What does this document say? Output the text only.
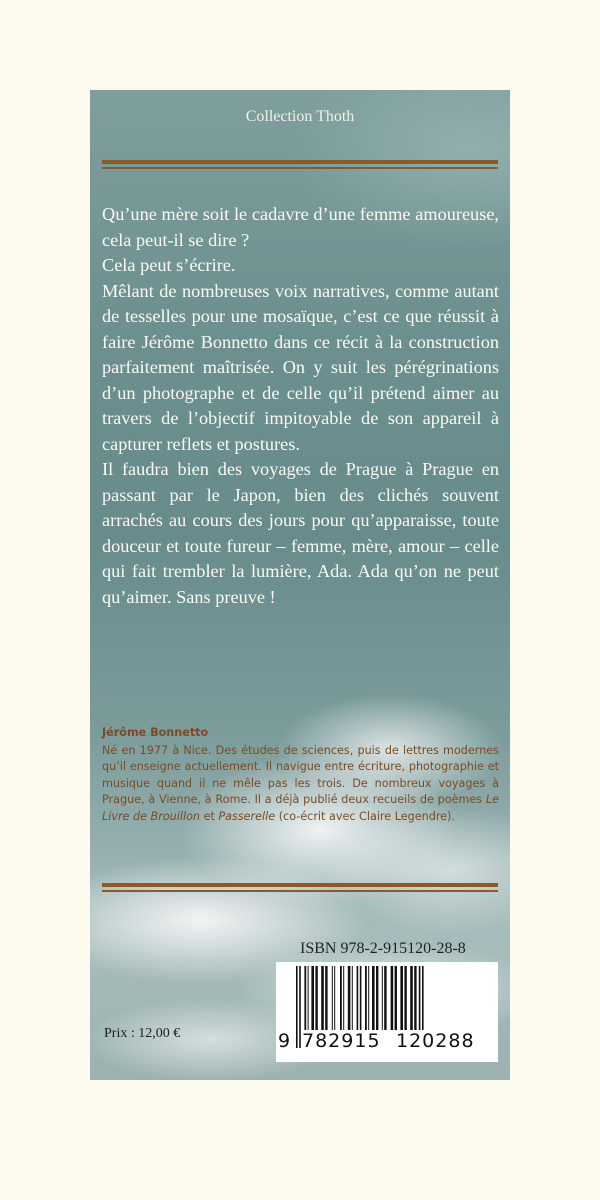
Collection Thoth

Qu’une mère soit le cadavre d’une femme amoureuse, cela peut-il se dire ?

Cela peut s’écrire.

Mêlant de nombreuses voix narratives, comme autant de tesselles pour une mosaïque, c’est ce que réussit à faire Jérôme Bonnetto dans ce récit à la construction parfaitement maîtrisée. On y suit les pérégrinations d’un photographe et de celle qu’il prétend aimer au travers de l’objectif impitoyable de son appareil à capturer reflets et postures.

Il faudra bien des voyages de Prague à Prague en passant par le Japon, bien des clichés souvent arrachés au cours des jours pour qu’apparaisse, toute douceur et toute fureur – femme, mère, amour – celle qui fait trembler la lumière, Ada. Ada qu’on ne peut qu’aimer. Sans preuve !

Jérôme Bonnetto
Né en 1977 à Nice. Des études de sciences, puis de lettres modernes qu’il enseigne actuellement. Il navigue entre écriture, photographie et musique quand il ne mêle pas les trois. De nombreux voyages à Prague, à Vienne, à Rome. Il a déjà publié deux recueils de poèmes Le Livre de Brouillon et Passerelle (co-écrit avec Claire Legendre).
ISBN 978-2-915120-28-8
9 782915 120288
Prix : 12,00 €
